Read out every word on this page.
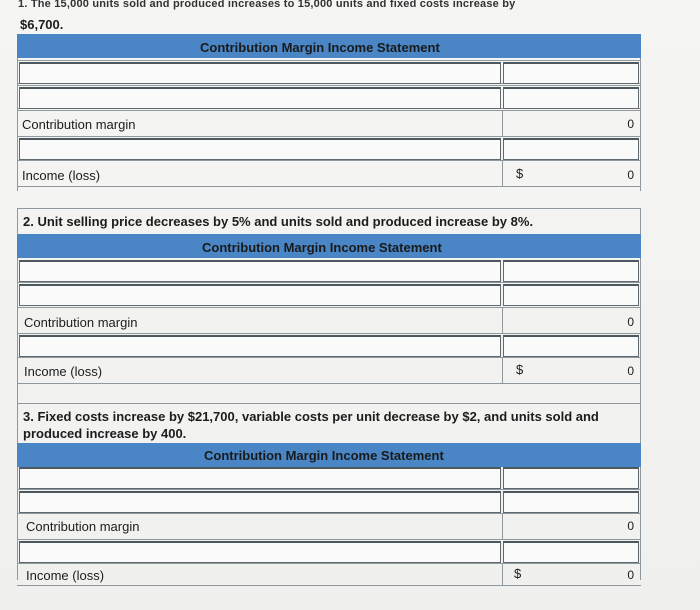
1. The 15,000 units sold and produced increases to 15,000 units and fixed costs increase by
$6,700.
Contribution Margin Income Statement
Contribution margin	0
Income (loss)	$	0
2. Unit selling price decreases by 5% and units sold and produced increase by 8%.
Contribution Margin Income Statement
Contribution margin	0
Income (loss)	$	0
3. Fixed costs increase by $21,700, variable costs per unit decrease by $2, and units sold and produced increase by 400.
Contribution Margin Income Statement
Contribution margin	0
Income (loss)	$	0
